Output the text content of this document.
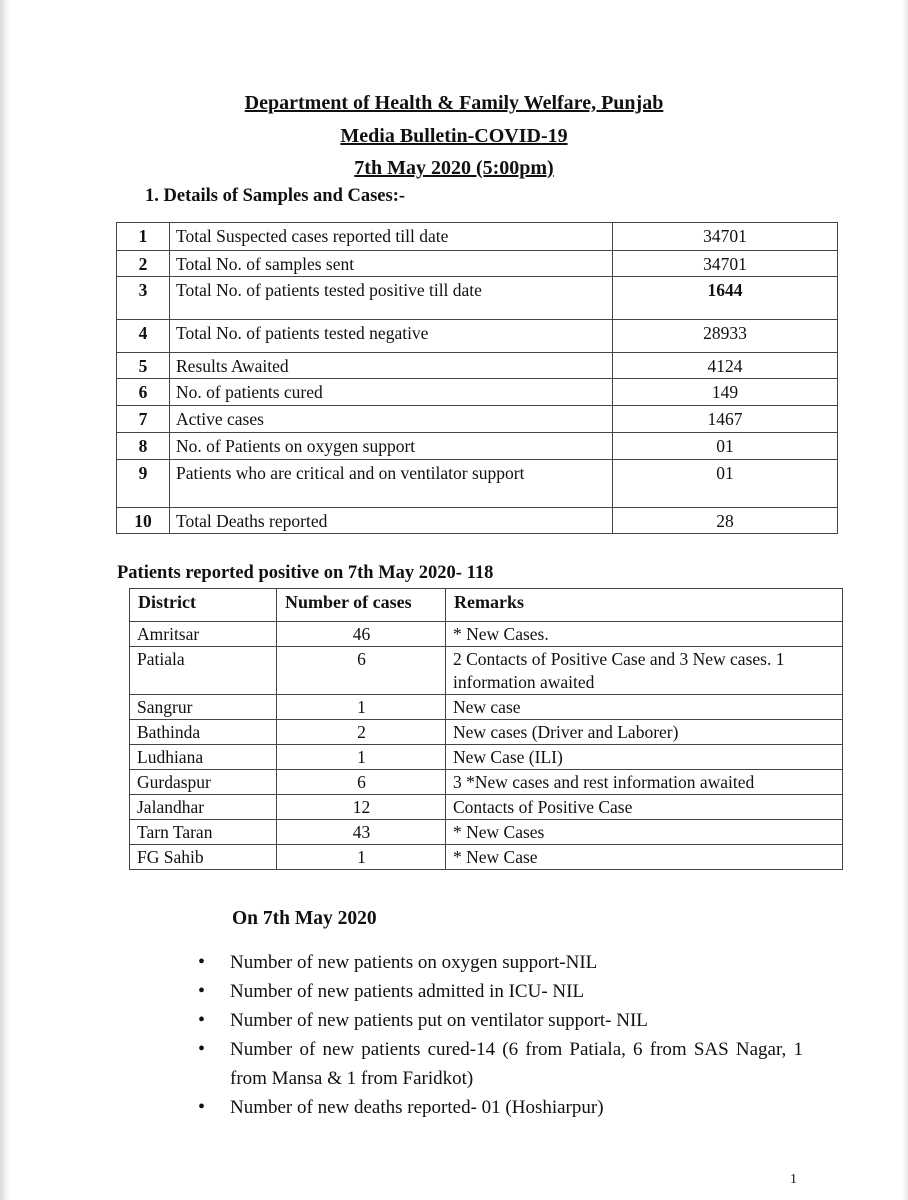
Department of Health & Family Welfare, Punjab
Media Bulletin-COVID-19
7th May 2020 (5:00pm)
1. Details of Samples and Cases:-
1	Total Suspected cases reported till date	34701
2	Total No. of samples sent	34701
3	Total No. of patients tested positive till date	1644
4	Total No. of patients tested negative	28933
5	Results Awaited	4124
6	No. of patients cured	149
7	Active cases	1467
8	No. of Patients on oxygen support	01
9	Patients who are critical and on ventilator support	01
10	Total Deaths reported	28
Patients reported positive on 7th May 2020- 118
District	Number of cases	Remarks
Amritsar	46	* New Cases.
Patiala	6	2 Contacts of Positive Case and 3 New cases. 1 information awaited
Sangrur	1	New case
Bathinda	2	New cases (Driver and Laborer)
Ludhiana	1	New Case (ILI)
Gurdaspur	6	3 *New cases and rest information awaited
Jalandhar	12	Contacts of Positive Case
Tarn Taran	43	* New Cases
FG Sahib	1	* New Case
On 7th May 2020
• Number of new patients on oxygen support-NIL
• Number of new patients admitted in ICU- NIL
• Number of new patients put on ventilator support- NIL
• Number of new patients cured-14 (6 from Patiala, 6 from SAS Nagar, 1 from Mansa & 1 from Faridkot)
• Number of new deaths reported- 01 (Hoshiarpur)
1
